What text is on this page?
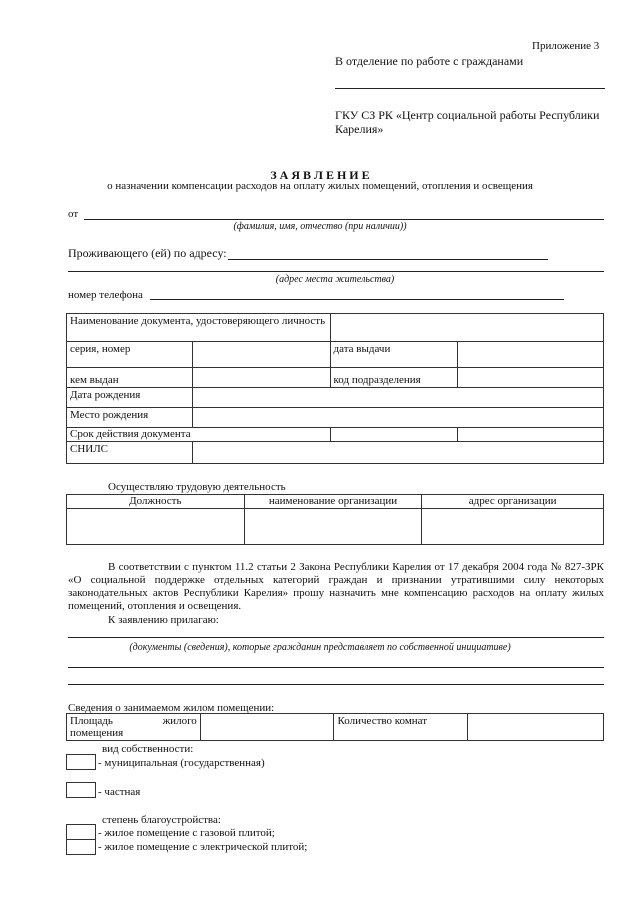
Приложение 3
В отделение по работе с гражданами
ГКУ СЗ РК «Центр социальной работы Республики
Карелия»
З А Я В Л Е Н И Е
о назначении компенсации расходов на оплату жилых помещений, отопления и освещения
от
(фамилия, имя, отчество (при наличии))
Проживающего (ей) по адресу:
(адрес места жительства)
номер телефона
Наименование документа, удостоверяющего личность			
серия, номер		дата выдачи	
кем выдан		код подразделения	
Дата рождения			
Место рождения			
Срок действия документа			
СНИЛС			
Осуществляю трудовую деятельность
Должность	наименование организации	адрес организации

В соответствии с пунктом 11.2 статьи 2 Закона Республики Карелия от 17 декабря 2004 года № 827-ЗРК «О социальной поддержке отдельных категорий граждан и признании утратившими силу некоторых законодательных актов Республики Карелия» прошу назначить мне компенсацию расходов на оплату жилых помещений, отопления и освещения.
К заявлению прилагаю:
(документы (сведения), которые гражданин представляет по собственной инициативе)
Сведения о занимаемом жилом помещении:
Площадь жилого помещения		Количество комнат	
вид собственности:
- муниципальная (государственная)
- частная
степень благоустройства:
- жилое помещение с газовой плитой;
- жилое помещение с электрической плитой;
